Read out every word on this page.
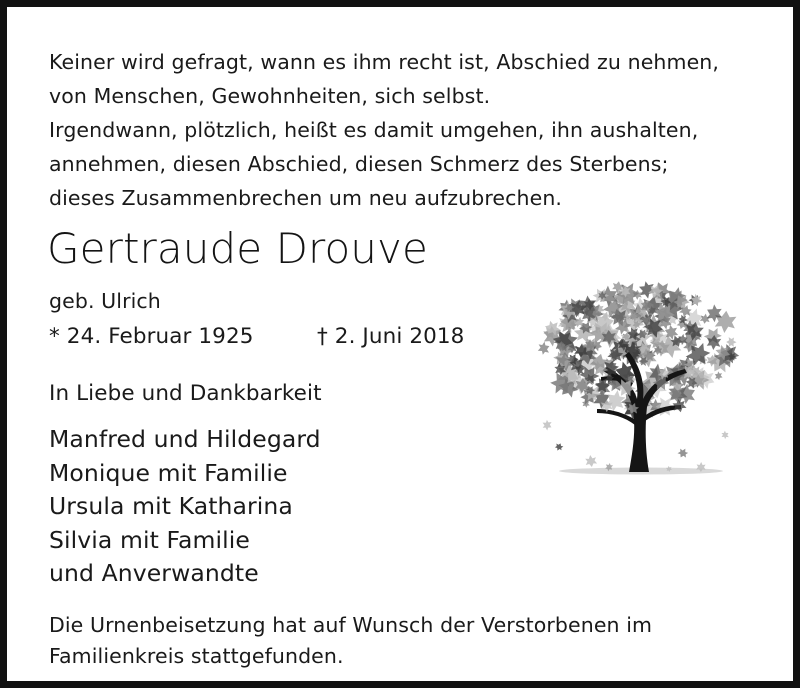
Keiner wird gefragt, wann es ihm recht ist, Abschied zu nehmen,
von Menschen, Gewohnheiten, sich selbst.
Irgendwann, plötzlich, heißt es damit umgehen, ihn aushalten,
annehmen, diesen Abschied, diesen Schmerz des Sterbens;
dieses Zusammenbrechen um neu aufzubrechen.
Gertraude Drouve
geb. Ulrich
* 24. Februar 1925	† 2. Juni 2018
In Liebe und Dankbarkeit
Manfred und Hildegard
Monique mit Familie
Ursula mit Katharina
Silvia mit Familie
und Anverwandte
Die Urnenbeisetzung hat auf Wunsch der Verstorbenen im
Familienkreis stattgefunden.
